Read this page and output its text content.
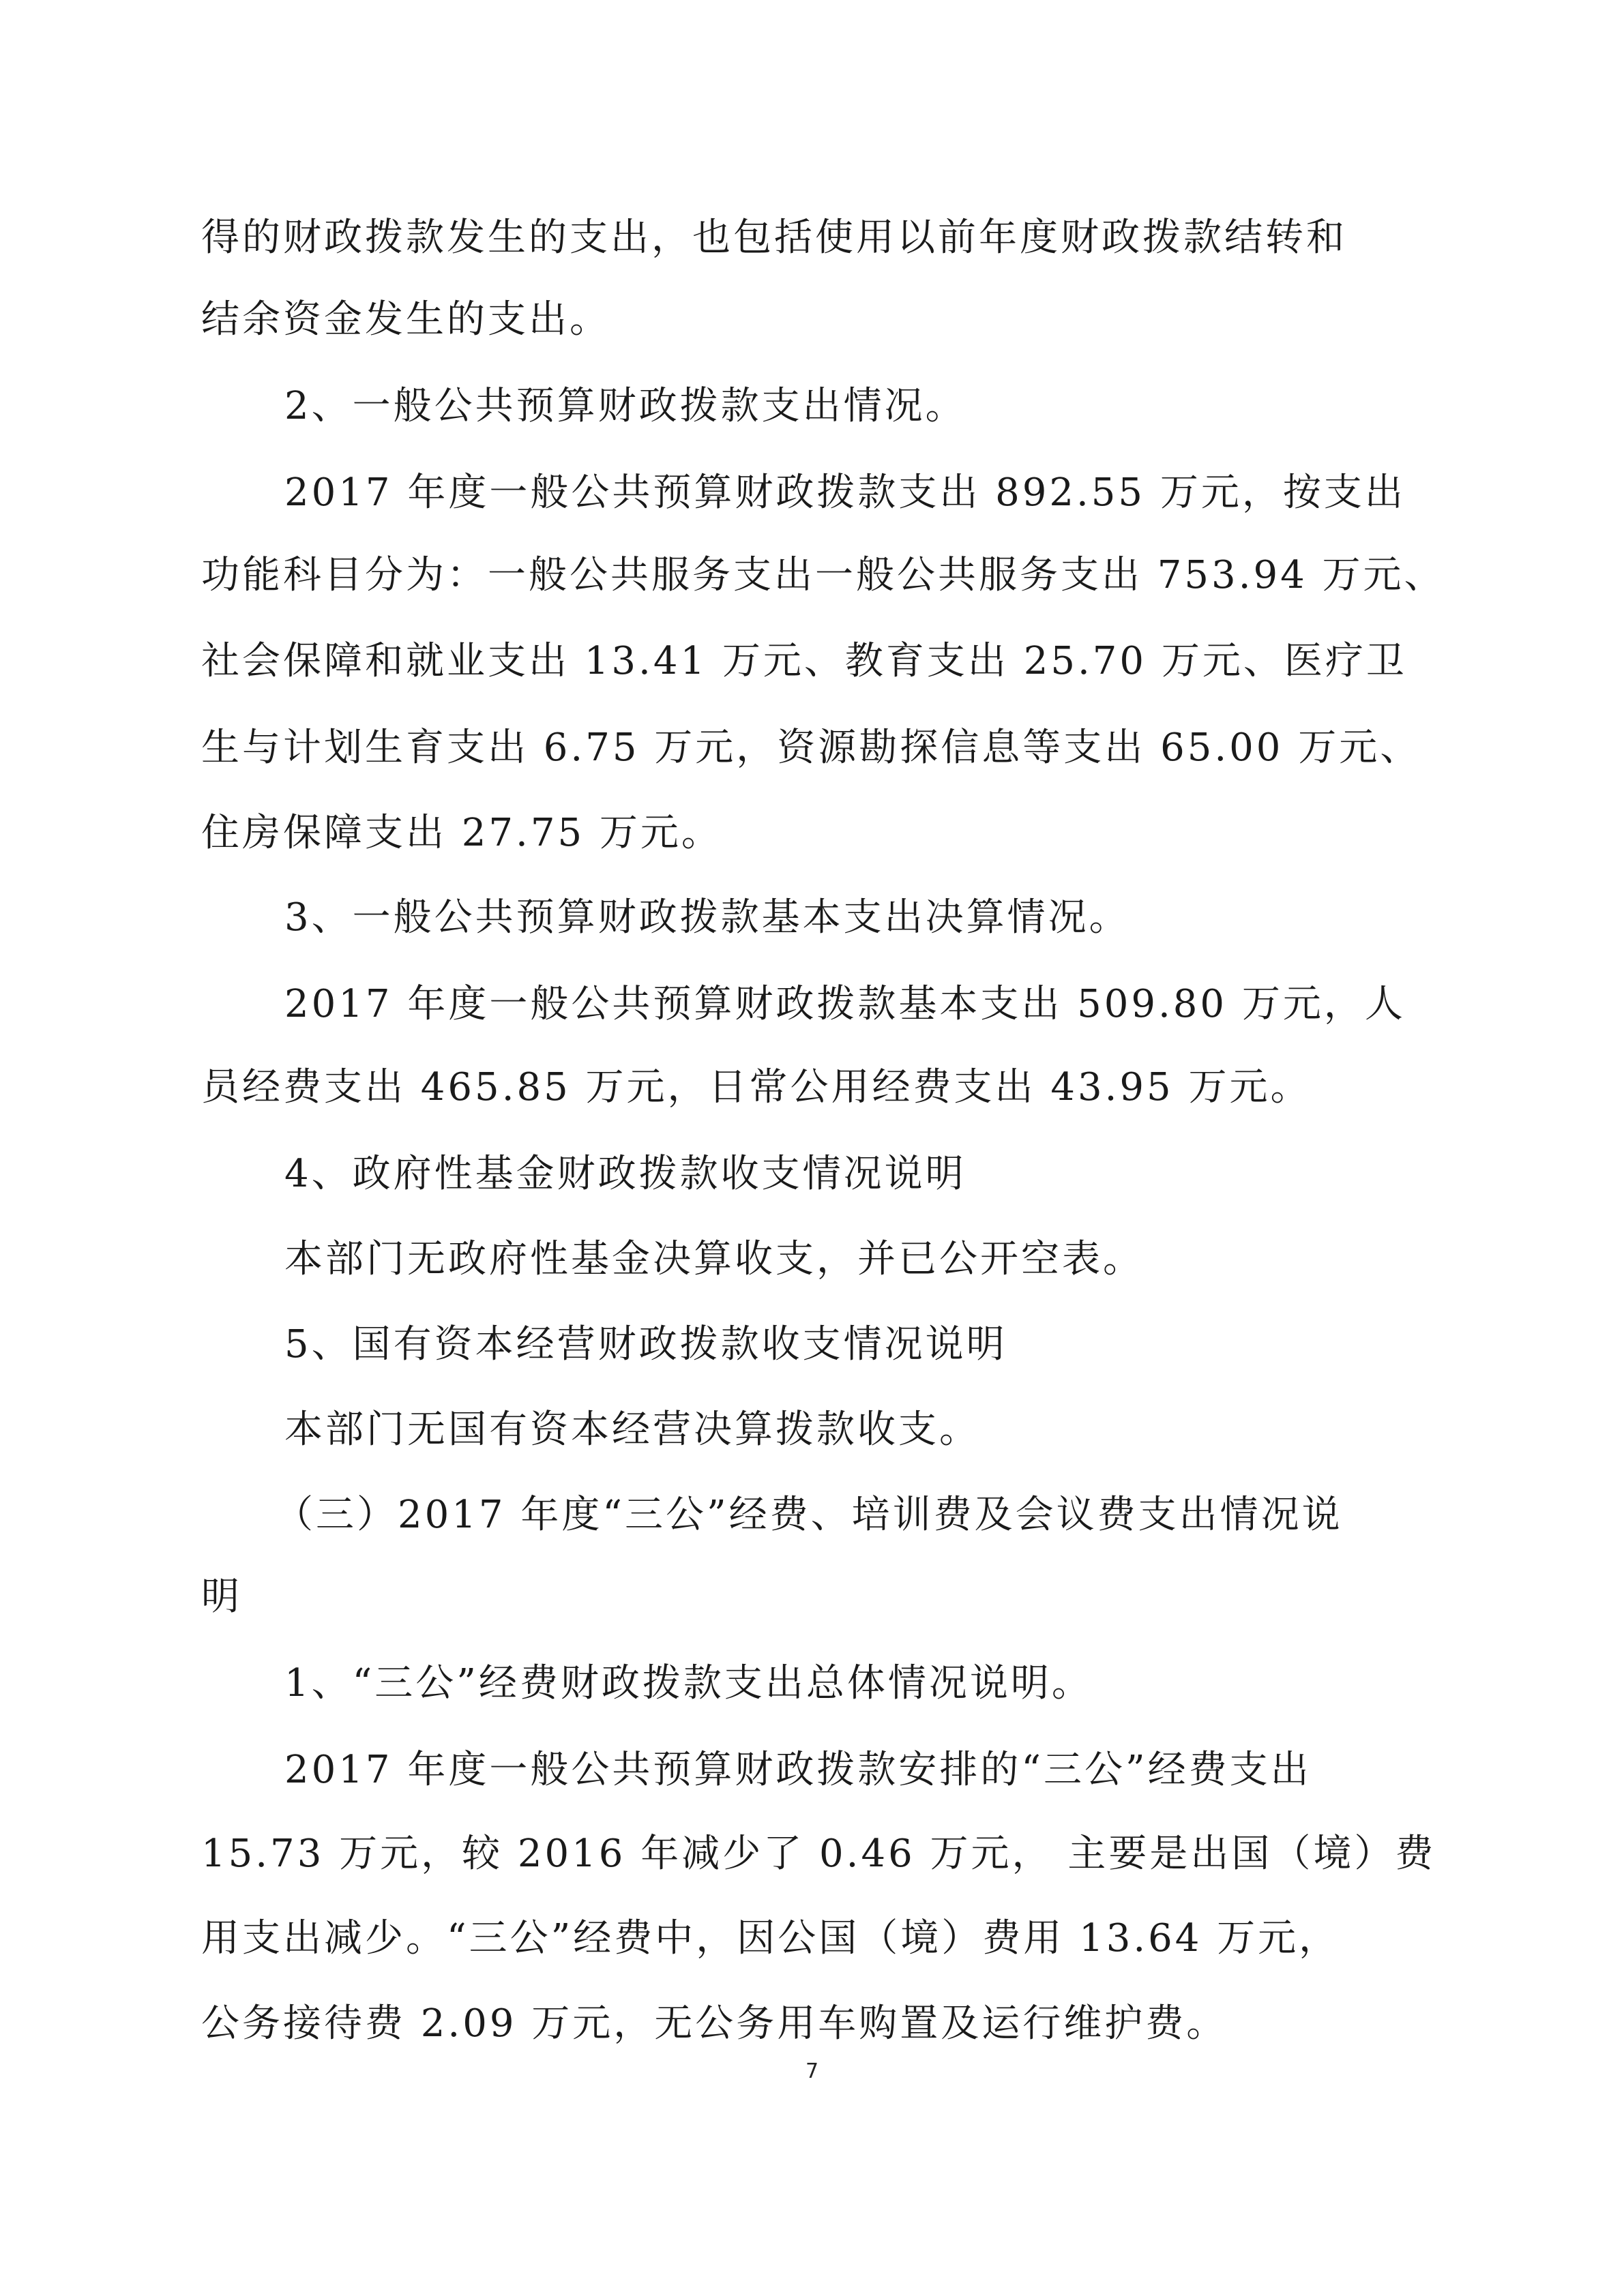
得的财政拨款发生的支出，也包括使用以前年度财政拨款结转和
结余资金发生的支出。
2、一般公共预算财政拨款支出情况。
2017 年度一般公共预算财政拨款支出 892.55 万元，按支出
功能科目分为：一般公共服务支出一般公共服务支出 753.94 万元、
社会保障和就业支出 13.41 万元、教育支出 25.70 万元、医疗卫
生与计划生育支出 6.75 万元，资源勘探信息等支出 65.00 万元、
住房保障支出 27.75 万元。
3、一般公共预算财政拨款基本支出决算情况。
2017 年度一般公共预算财政拨款基本支出 509.80 万元，人
员经费支出 465.85 万元，日常公用经费支出 43.95 万元。
4、政府性基金财政拨款收支情况说明
本部门无政府性基金决算收支，并已公开空表。
5、国有资本经营财政拨款收支情况说明
本部门无国有资本经营决算拨款收支。
（三）2017 年度“三公”经费、培训费及会议费支出情况说
明
1、“三公”经费财政拨款支出总体情况说明。
2017 年度一般公共预算财政拨款安排的“三公”经费支出
15.73 万元，较 2016 年减少了 0.46 万元， 主要是出国（境）费
用支出减少。“三公”经费中，因公国（境）费用 13.64 万元，
公务接待费 2.09 万元，无公务用车购置及运行维护费。
7
